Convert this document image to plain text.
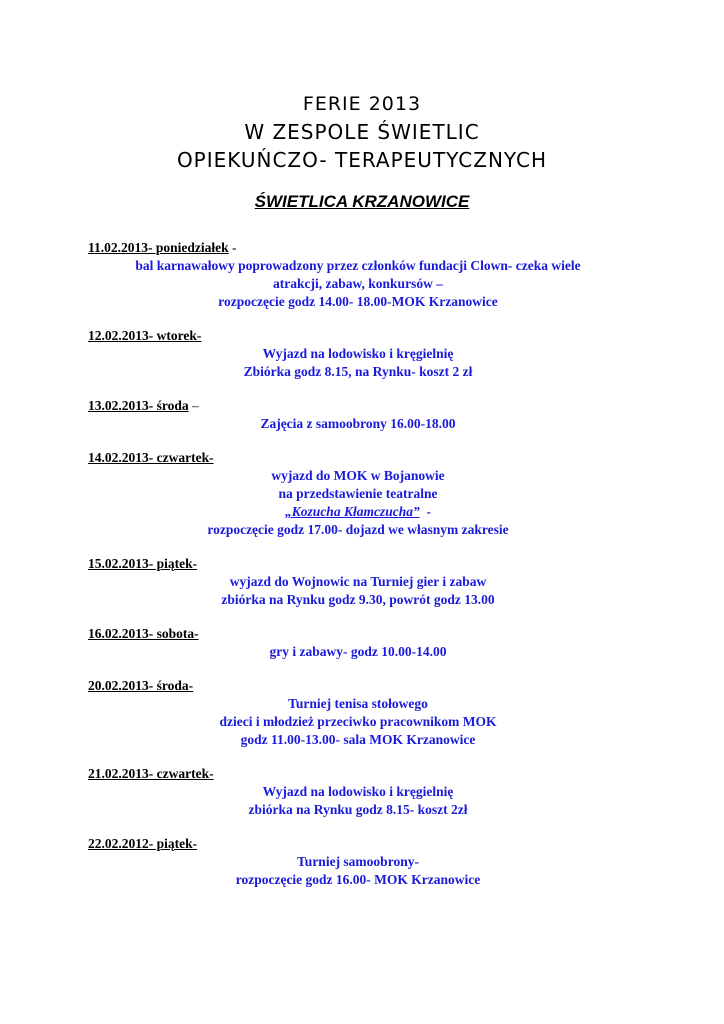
FERIE 2013

W ZESPOLE ŚWIETLIC

OPIEKUŃCZO- TERAPEUTYCZNYCH

ŚWIETLICA KRZANOWICE

11.02.2013- poniedziałek -
bal karnawałowy poprowadzony przez członków fundacji Clown- czeka wiele
atrakcji, zabaw, konkursów –
rozpoczęcie godz 14.00- 18.00-MOK Krzanowice
12.02.2013- wtorek-
Wyjazd na lodowisko i kręgielnię
Zbiórka godz 8.15, na Rynku- koszt 2 zł
13.02.2013- środa –
Zajęcia z samoobrony 16.00-18.00
14.02.2013- czwartek-
wyjazd do MOK w Bojanowie
na przedstawienie teatralne
„Kozucha Kłamczucha”  -
rozpoczęcie godz 17.00- dojazd we własnym zakresie
15.02.2013- piątek-
wyjazd do Wojnowic na Turniej gier i zabaw
zbiórka na Rynku godz 9.30, powrót godz 13.00
16.02.2013- sobota-
gry i zabawy- godz 10.00-14.00
20.02.2013- środa-
Turniej tenisa stołowego
dzieci i młodzież przeciwko pracownikom MOK
godz 11.00-13.00- sala MOK Krzanowice
21.02.2013- czwartek-
Wyjazd na lodowisko i kręgielnię
zbiórka na Rynku godz 8.15- koszt 2zł
22.02.2012- piątek-
Turniej samoobrony-
rozpoczęcie godz 16.00- MOK Krzanowice
